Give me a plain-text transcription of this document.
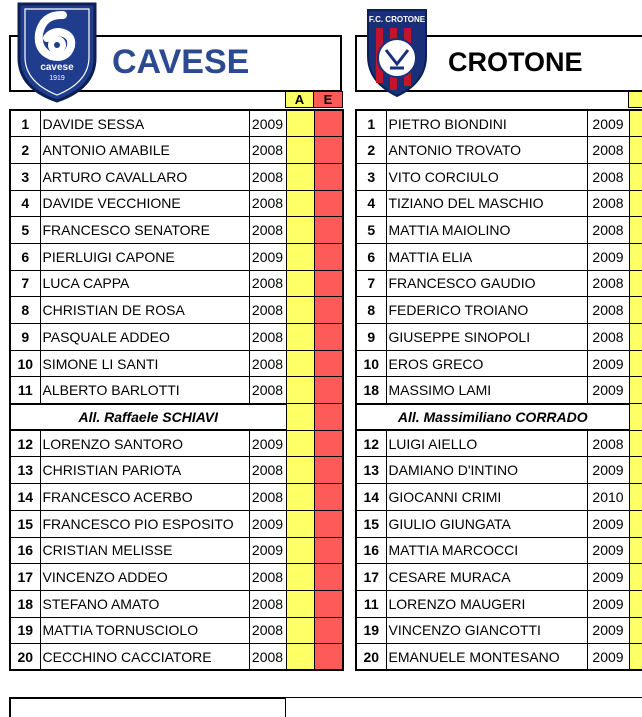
CAVESE	CROTONE
cavese
1919
F.C. CROTONE
A	E
1	DAVIDE SESSA	2009		
2	ANTONIO AMABILE	2008		
3	ARTURO CAVALLARO	2008		
4	DAVIDE VECCHIONE	2008		
5	FRANCESCO SENATORE	2008		
6	PIERLUIGI CAPONE	2009		
7	LUCA CAPPA	2008		
8	CHRISTIAN DE ROSA	2008		
9	PASQUALE ADDEO	2008		
10	SIMONE LI SANTI	2008		
11	ALBERTO BARLOTTI	2008		
All. Raffaele SCHIAVI				
12	LORENZO SANTORO	2009		
13	CHRISTIAN PARIOTA	2008		
14	FRANCESCO ACERBO	2008		
15	FRANCESCO PIO ESPOSITO	2009		
16	CRISTIAN MELISSE	2009		
17	VINCENZO ADDEO	2008		
18	STEFANO AMATO	2008		
19	MATTIA TORNUSCIOLO	2008		
20	CECCHINO CACCIATORE	2008		
1	PIETRO BIONDINI	2009	
2	ANTONIO TROVATO	2008	
3	VITO CORCIULO	2008	
4	TIZIANO DEL MASCHIO	2008	
5	MATTIA MAIOLINO	2008	
6	MATTIA ELIA	2009	
7	FRANCESCO GAUDIO	2008	
8	FEDERICO TROIANO	2008	
9	GIUSEPPE SINOPOLI	2008	
10	EROS GRECO	2009	
18	MASSIMO LAMI	2009	
All. Massimiliano CORRADO			
12	LUIGI AIELLO	2008	
13	DAMIANO D'INTINO	2009	
14	GIOCANNI CRIMI	2010	
15	GIULIO GIUNGATA	2009	
16	MATTIA MARCOCCI	2009	
17	CESARE MURACA	2009	
11	LORENZO MAUGERI	2009	
19	VINCENZO GIANCOTTI	2009	
20	EMANUELE MONTESANO	2009	
